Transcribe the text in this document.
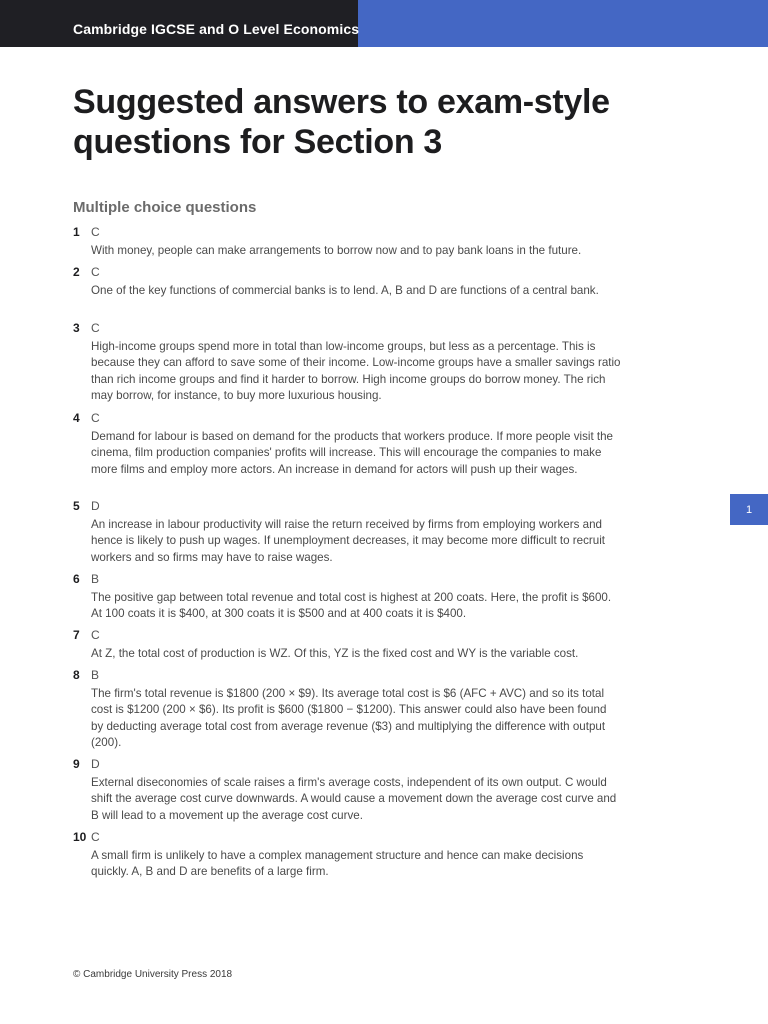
Cambridge IGCSE and O Level Economics
Suggested answers to exam-style questions for Section 3
Multiple choice questions
1 C
With money, people can make arrangements to borrow now and to pay bank loans in the future.
2 C
One of the key functions of commercial banks is to lend. A, B and D are functions of a central bank.
3 C
High-income groups spend more in total than low-income groups, but less as a percentage. This is because they can afford to save some of their income. Low-income groups have a smaller savings ratio than rich income groups and find it harder to borrow. High income groups do borrow money. The rich may borrow, for instance, to buy more luxurious housing.
4 C
Demand for labour is based on demand for the products that workers produce. If more people visit the cinema, film production companies' profits will increase. This will encourage the companies to make more films and employ more actors. An increase in demand for actors will push up their wages.
5 D
An increase in labour productivity will raise the return received by firms from employing workers and hence is likely to push up wages. If unemployment decreases, it may become more difficult to recruit workers and so firms may have to raise wages.
6 B
The positive gap between total revenue and total cost is highest at 200 coats. Here, the profit is $600. At 100 coats it is $400, at 300 coats it is $500 and at 400 coats it is $400.
7 C
At Z, the total cost of production is WZ. Of this, YZ is the fixed cost and WY is the variable cost.
8 B
The firm's total revenue is $1800 (200 × $9). Its average total cost is $6 (AFC + AVC) and so its total cost is $1200 (200 × $6). Its profit is $600 ($1800 − $1200). This answer could also have been found by deducting average total cost from average revenue ($3) and multiplying the difference with output (200).
9 D
External diseconomies of scale raises a firm's average costs, independent of its own output. C would shift the average cost curve downwards. A would cause a movement down the average cost curve and B will lead to a movement up the average cost curve.
10 C
A small firm is unlikely to have a complex management structure and hence can make decisions quickly. A, B and D are benefits of a large firm.
1
© Cambridge University Press 2018
